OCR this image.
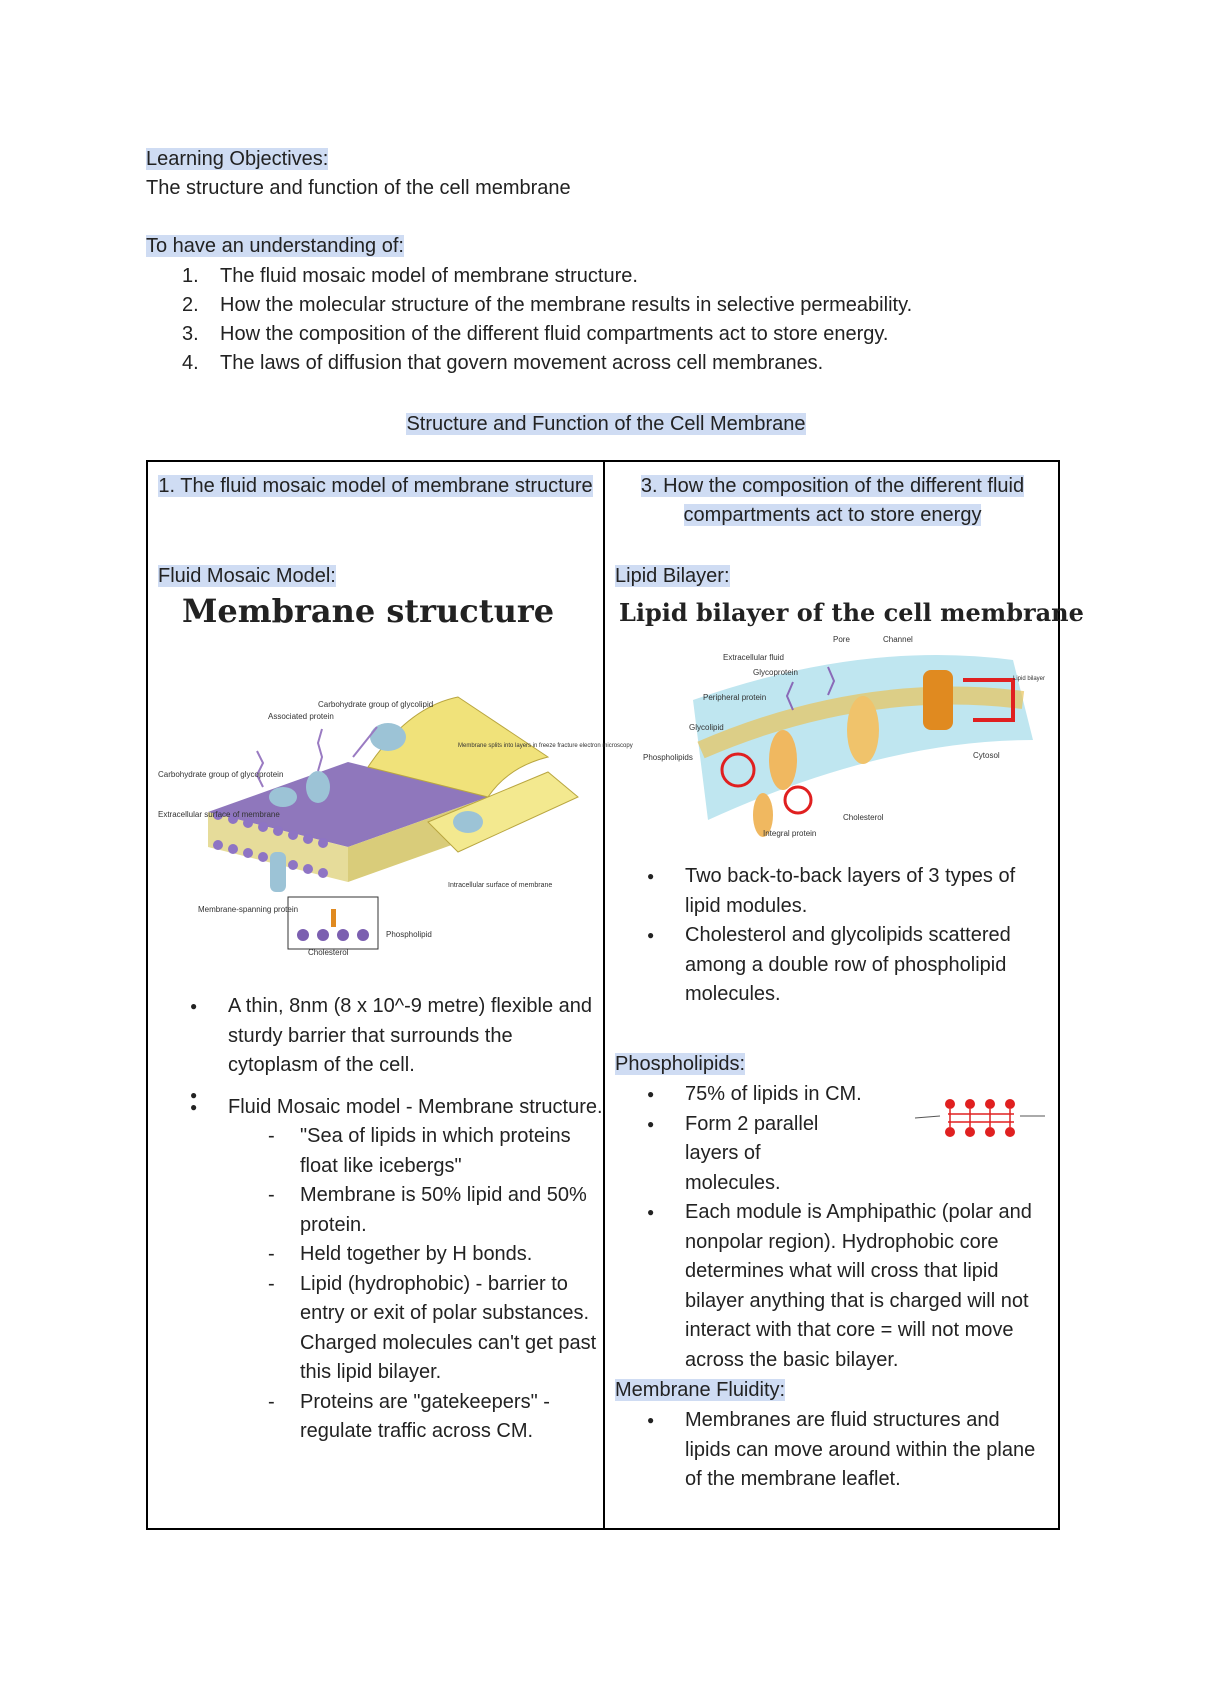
Learning Objectives:
The structure and function of the cell membrane
To have an understanding of:
1. The fluid mosaic model of membrane structure.
2. How the molecular structure of the membrane results in selective permeability.
3. How the composition of the different fluid compartments act to store energy.
4. The laws of diffusion that govern movement across cell membranes.
Structure and Function of the Cell Membrane
1. The fluid mosaic model of membrane structure
Fluid Mosaic Model:
Membrane structure
Associated protein
Carbohydrate group of glycolipid
Carbohydrate group of glycoprotein
Extracellular surface of membrane
Membrane splits into layers in freeze fracture electron microscopy
Membrane-spanning protein
Intracellular surface of membrane
Cholesterol
Phospholipid
● A thin, 8nm (8 x 10^-9 metre) flexible and sturdy barrier that surrounds the cytoplasm of the cell.
●
● Fluid Mosaic model - Membrane structure.
- "Sea of lipids in which proteins float like icebergs"
- Membrane is 50% lipid and 50% protein.
- Held together by H bonds.
- Lipid (hydrophobic) - barrier to entry or exit of polar substances. Charged molecules can't get past this lipid bilayer.
- Proteins are "gatekeepers" - regulate traffic across CM.
3. How the composition of the different fluid compartments act to store energy
Lipid Bilayer:
Lipid bilayer of the cell membrane
Pore	Channel
Extracellular fluid
Glycoprotein
Peripheral protein
Glycolipid
Phospholipids	Cytosol
Lipid bilayer
Integral protein
Cholesterol
● Two back-to-back layers of 3 types of lipid modules.
● Cholesterol and glycolipids scattered among a double row of phospholipid molecules.
Phospholipids:
● 75% of lipids in CM.
● Form 2 parallel layers of molecules.
● Each module is Amphipathic (polar and nonpolar region). Hydrophobic core determines what will cross that lipid bilayer anything that is charged will not interact with that core = will not move across the basic bilayer.
Membrane Fluidity:
● Membranes are fluid structures and lipids can move around within the plane of the membrane leaflet.
